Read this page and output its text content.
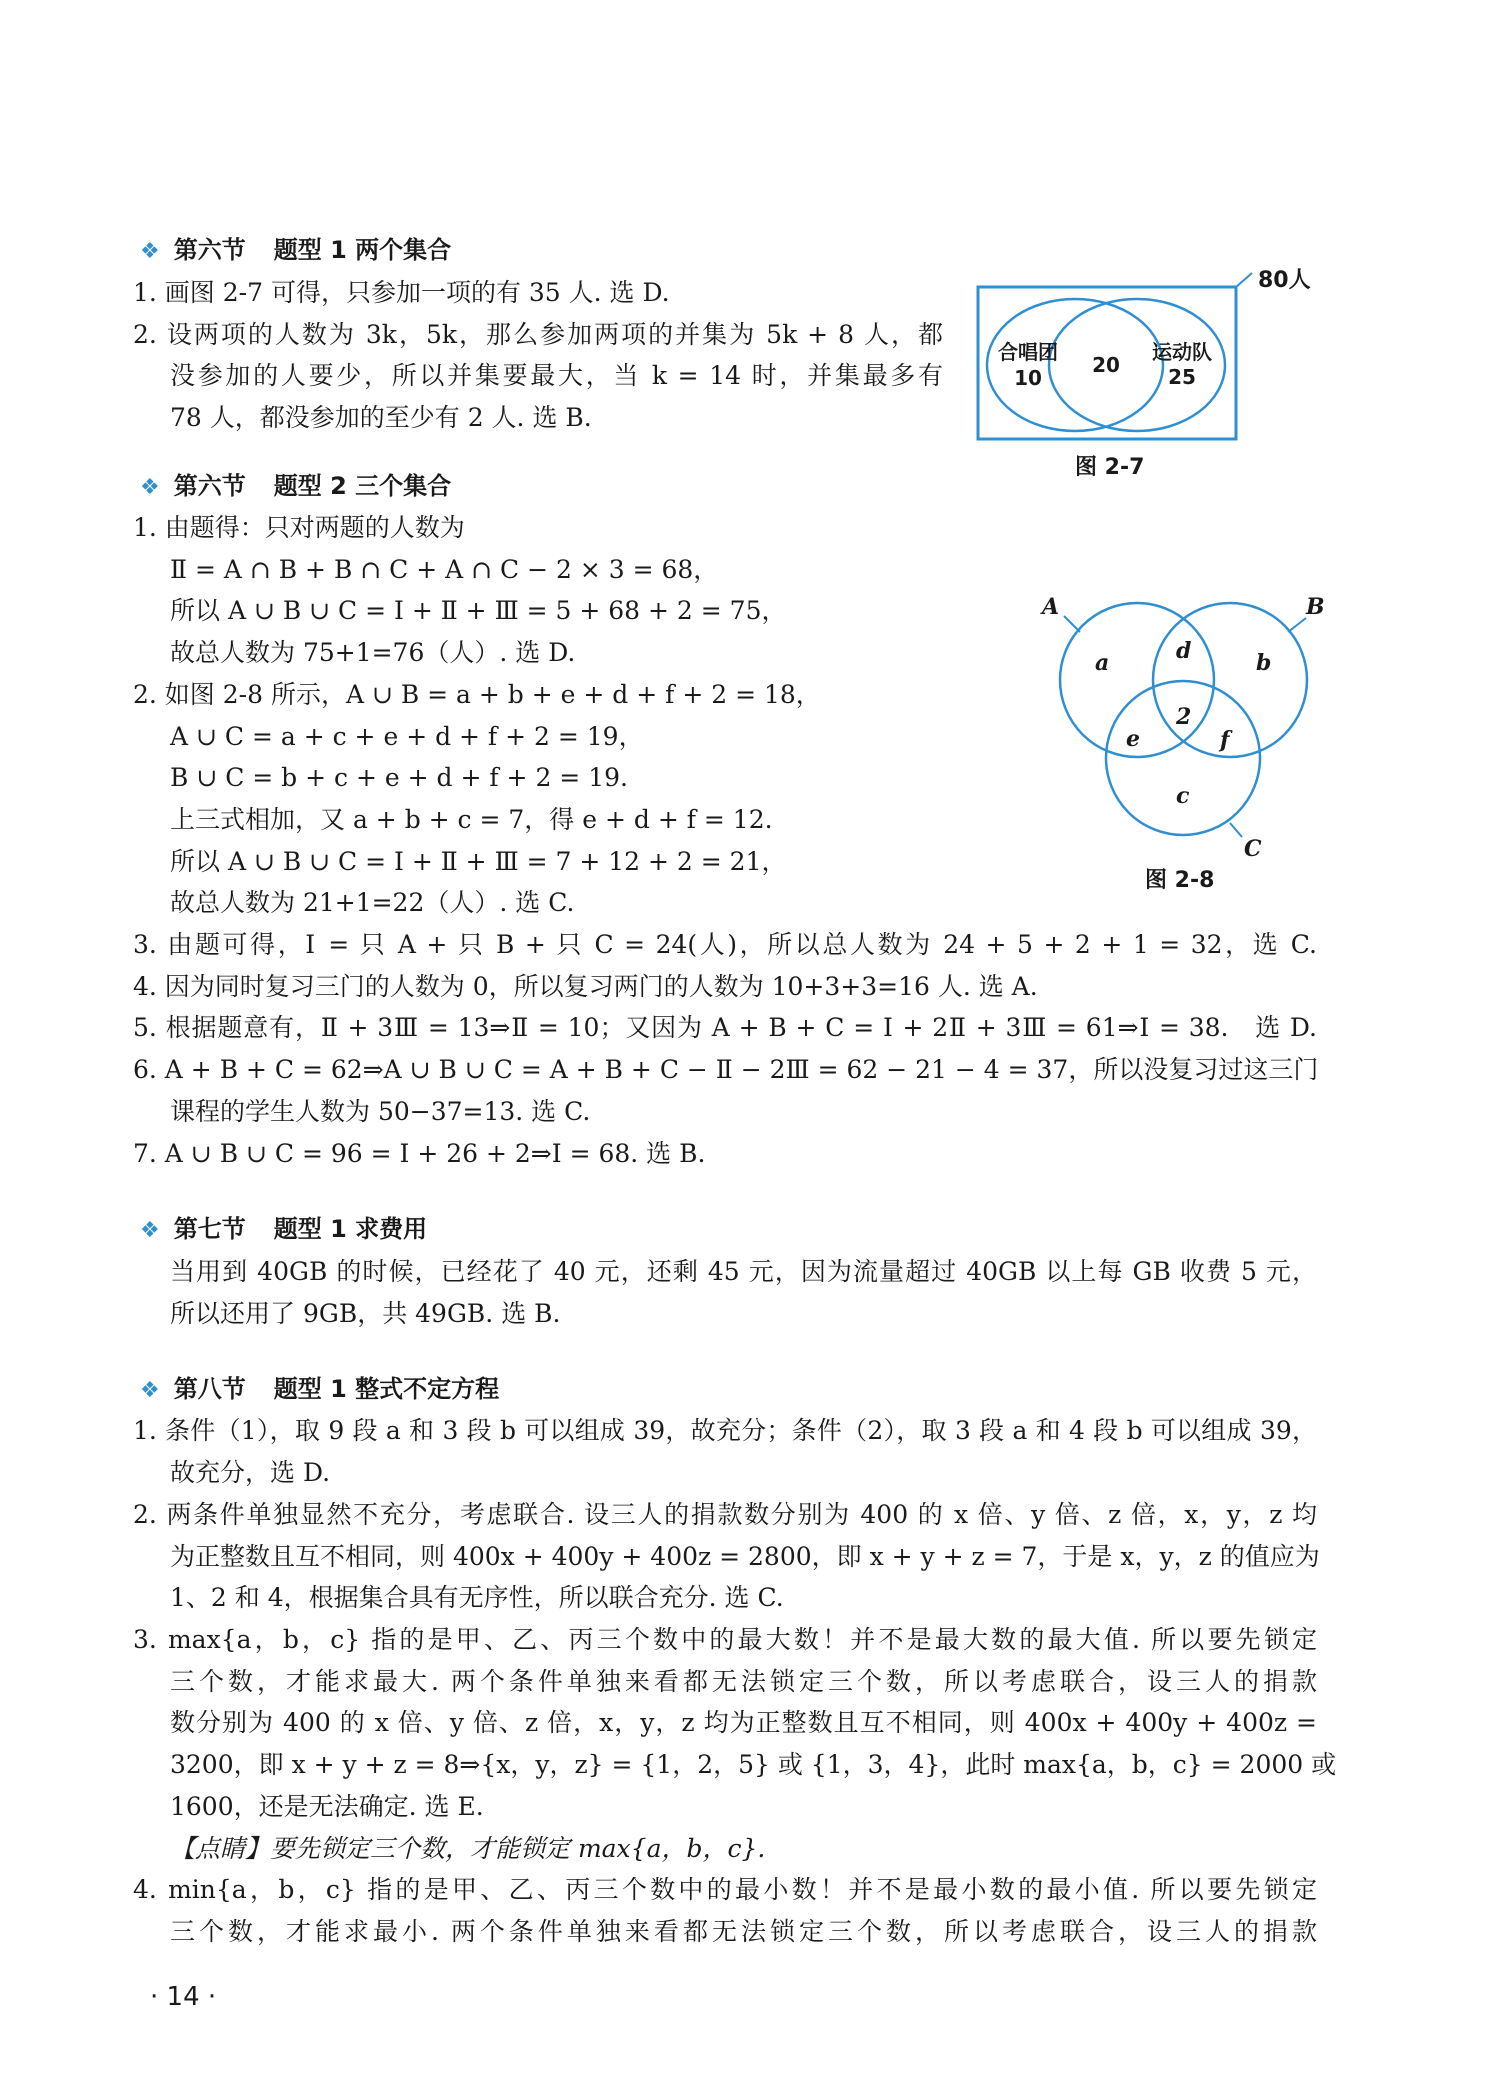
❖ 第六节 题型 1 两个集合
1. 画图 2-7 可得，只参加一项的有 35 人. 选 D.
2. 设两项的人数为 3k，5k，那么参加两项的并集为 5k + 8 人，都
没参加的人要少，所以并集要最大，当 k = 14 时，并集最多有
78 人，都没参加的至少有 2 人. 选 B.
合唱团
10
20
运动队
25
80人
图 2-7
❖ 第六节 题型 2 三个集合
1. 由题得：只对两题的人数为
Ⅱ = A ∩ B + B ∩ C + A ∩ C − 2 × 3 = 68，
所以 A ∪ B ∪ C = Ⅰ + Ⅱ + Ⅲ = 5 + 68 + 2 = 75，
故总人数为 75+1=76（人）. 选 D.
2. 如图 2-8 所示，A ∪ B = a + b + e + d + f + 2 = 18，
A ∪ C = a + c + e + d + f + 2 = 19，
B ∪ C = b + c + e + d + f + 2 = 19.
上三式相加，又 a + b + c = 7，得 e + d + f = 12.
所以 A ∪ B ∪ C = Ⅰ + Ⅱ + Ⅲ = 7 + 12 + 2 = 21，
故总人数为 21+1=22（人）. 选 C.
A	B
C
a	d	b
e
2
f
c
图 2-8
3. 由题可得，Ⅰ = 只 A + 只 B + 只 C = 24(人)，所以总人数为 24 + 5 + 2 + 1 = 32，选 C.
4. 因为同时复习三门的人数为 0，所以复习两门的人数为 10+3+3=16 人. 选 A.
5. 根据题意有，Ⅱ + 3Ⅲ = 13⇒Ⅱ = 10；又因为 A + B + C = Ⅰ + 2Ⅱ + 3Ⅲ = 61⇒Ⅰ = 38.　选 D.
6. A + B + C = 62⇒A ∪ B ∪ C = A + B + C − Ⅱ − 2Ⅲ = 62 − 21 − 4 = 37，所以没复习过这三门
课程的学生人数为 50−37=13. 选 C.
7. A ∪ B ∪ C = 96 = I + 26 + 2⇒I = 68. 选 B.
❖ 第七节 题型 1 求费用
当用到 40GB 的时候，已经花了 40 元，还剩 45 元，因为流量超过 40GB 以上每 GB 收费 5 元，
所以还用了 9GB，共 49GB. 选 B.
❖ 第八节 题型 1 整式不定方程
1. 条件（1），取 9 段 a 和 3 段 b 可以组成 39，故充分；条件（2），取 3 段 a 和 4 段 b 可以组成 39，
故充分，选 D.
2. 两条件单独显然不充分，考虑联合. 设三人的捐款数分别为 400 的 x 倍、y 倍、z 倍，x，y，z 均
为正整数且互不相同，则 400x + 400y + 400z = 2800，即 x + y + z = 7，于是 x，y，z 的值应为
1、2 和 4，根据集合具有无序性，所以联合充分. 选 C.
3. max{a，b，c} 指的是甲、乙、丙三个数中的最大数！并不是最大数的最大值. 所以要先锁定
三个数，才能求最大. 两个条件单独来看都无法锁定三个数，所以考虑联合，设三人的捐款
数分别为 400 的 x 倍、y 倍、z 倍，x，y，z 均为正整数且互不相同，则 400x + 400y + 400z =
3200，即 x + y + z = 8⇒{x，y，z} = {1，2，5} 或 {1，3，4}，此时 max{a，b，c} = 2000 或
1600，还是无法确定. 选 E.
【点睛】要先锁定三个数，才能锁定 max{a，b，c}.
4. min{a，b，c} 指的是甲、乙、丙三个数中的最小数！并不是最小数的最小值. 所以要先锁定
三个数，才能求最小. 两个条件单独来看都无法锁定三个数，所以考虑联合，设三人的捐款
· 14 ·
